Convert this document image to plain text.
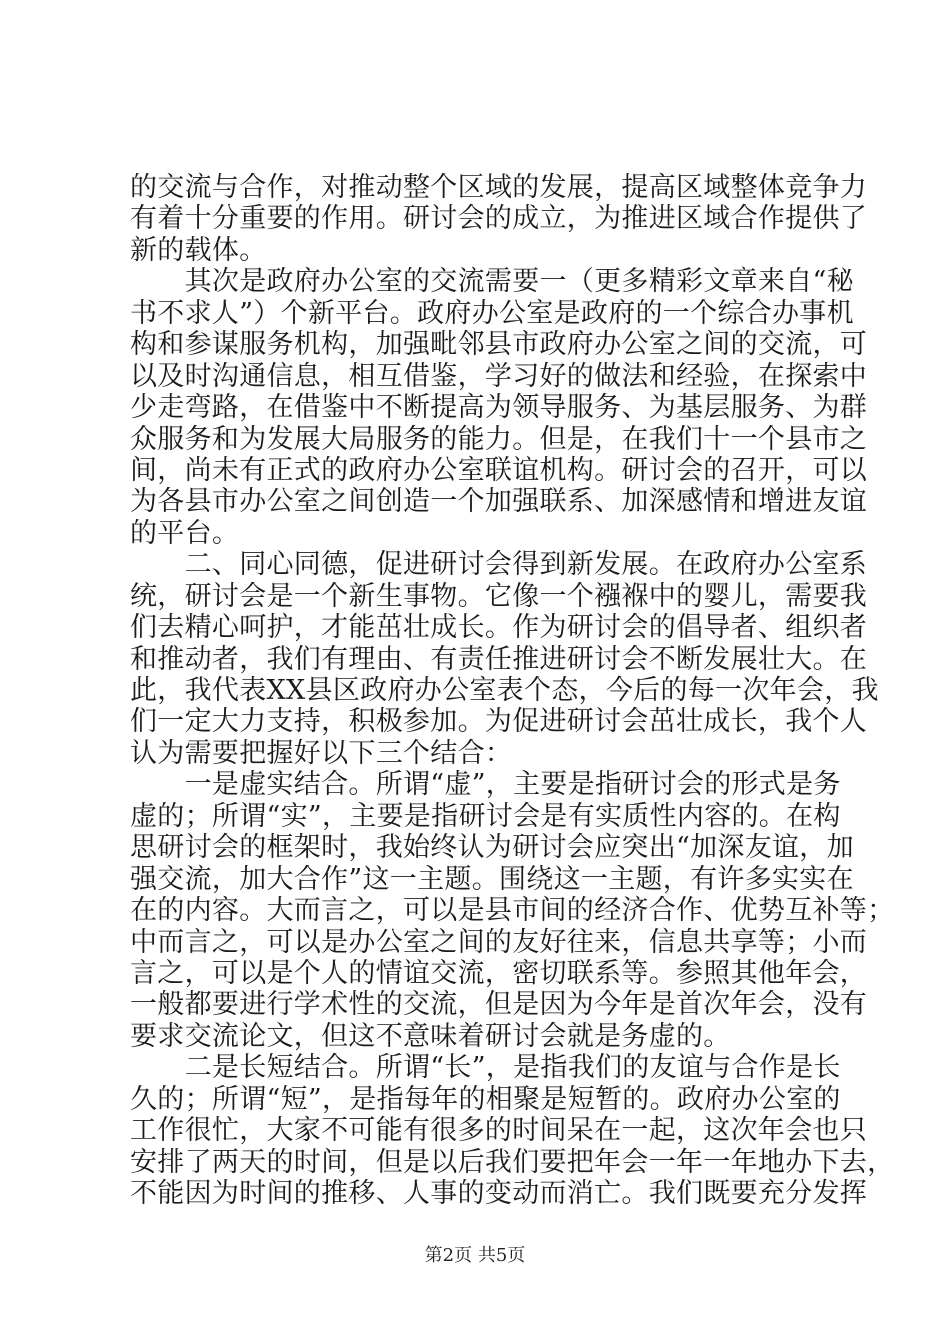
的交流与合作，对推动整个区域的发展，提高区域整体竞争力
有着十分重要的作用。研讨会的成立，为推进区域合作提供了
新的载体。
　　其次是政府办公室的交流需要一（更多精彩文章来自“秘
书不求人”）个新平台。政府办公室是政府的一个综合办事机
构和参谋服务机构，加强毗邻县市政府办公室之间的交流，可
以及时沟通信息，相互借鉴，学习好的做法和经验，在探索中
少走弯路，在借鉴中不断提高为领导服务、为基层服务、为群
众服务和为发展大局服务的能力。但是，在我们十一个县市之
间，尚未有正式的政府办公室联谊机构。研讨会的召开，可以
为各县市办公室之间创造一个加强联系、加深感情和增进友谊
的平台。
　　二、同心同德，促进研讨会得到新发展。在政府办公室系
统，研讨会是一个新生事物。它像一个襁褓中的婴儿，需要我
们去精心呵护，才能茁壮成长。作为研讨会的倡导者、组织者
和推动者，我们有理由、有责任推进研讨会不断发展壮大。在
此，我代表XX县区政府办公室表个态，今后的每一次年会，我
们一定大力支持，积极参加。为促进研讨会茁壮成长，我个人
认为需要把握好以下三个结合：
　　一是虚实结合。所谓“虚”，主要是指研讨会的形式是务
虚的；所谓“实”，主要是指研讨会是有实质性内容的。在构
思研讨会的框架时，我始终认为研讨会应突出“加深友谊，加
强交流，加大合作”这一主题。围绕这一主题，有许多实实在
在的内容。大而言之，可以是县市间的经济合作、优势互补等；
中而言之，可以是办公室之间的友好往来，信息共享等；小而
言之，可以是个人的情谊交流，密切联系等。参照其他年会，
一般都要进行学术性的交流，但是因为今年是首次年会，没有
要求交流论文，但这不意味着研讨会就是务虚的。
　　二是长短结合。所谓“长”，是指我们的友谊与合作是长
久的；所谓“短”，是指每年的相聚是短暂的。政府办公室的
工作很忙，大家不可能有很多的时间呆在一起，这次年会也只
安排了两天的时间，但是以后我们要把年会一年一年地办下去，
不能因为时间的推移、人事的变动而消亡。我们既要充分发挥
第2页 共5页
